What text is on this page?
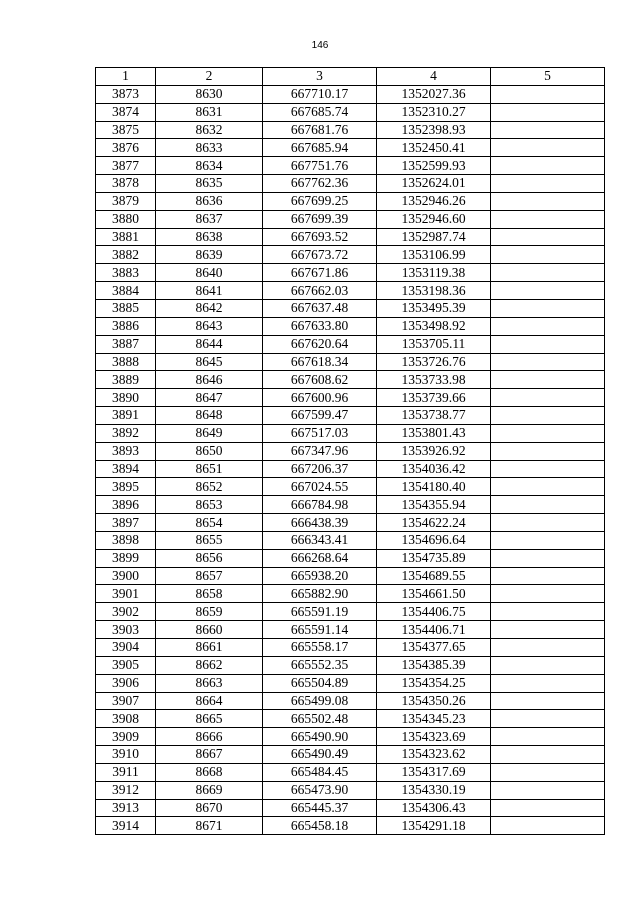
146
1	2	3	4	5
3873	8630	667710.17	1352027.36	
3874	8631	667685.74	1352310.27	
3875	8632	667681.76	1352398.93	
3876	8633	667685.94	1352450.41	
3877	8634	667751.76	1352599.93	
3878	8635	667762.36	1352624.01	
3879	8636	667699.25	1352946.26	
3880	8637	667699.39	1352946.60	
3881	8638	667693.52	1352987.74	
3882	8639	667673.72	1353106.99	
3883	8640	667671.86	1353119.38	
3884	8641	667662.03	1353198.36	
3885	8642	667637.48	1353495.39	
3886	8643	667633.80	1353498.92	
3887	8644	667620.64	1353705.11	
3888	8645	667618.34	1353726.76	
3889	8646	667608.62	1353733.98	
3890	8647	667600.96	1353739.66	
3891	8648	667599.47	1353738.77	
3892	8649	667517.03	1353801.43	
3893	8650	667347.96	1353926.92	
3894	8651	667206.37	1354036.42	
3895	8652	667024.55	1354180.40	
3896	8653	666784.98	1354355.94	
3897	8654	666438.39	1354622.24	
3898	8655	666343.41	1354696.64	
3899	8656	666268.64	1354735.89	
3900	8657	665938.20	1354689.55	
3901	8658	665882.90	1354661.50	
3902	8659	665591.19	1354406.75	
3903	8660	665591.14	1354406.71	
3904	8661	665558.17	1354377.65	
3905	8662	665552.35	1354385.39	
3906	8663	665504.89	1354354.25	
3907	8664	665499.08	1354350.26	
3908	8665	665502.48	1354345.23	
3909	8666	665490.90	1354323.69	
3910	8667	665490.49	1354323.62	
3911	8668	665484.45	1354317.69	
3912	8669	665473.90	1354330.19	
3913	8670	665445.37	1354306.43	
3914	8671	665458.18	1354291.18	
